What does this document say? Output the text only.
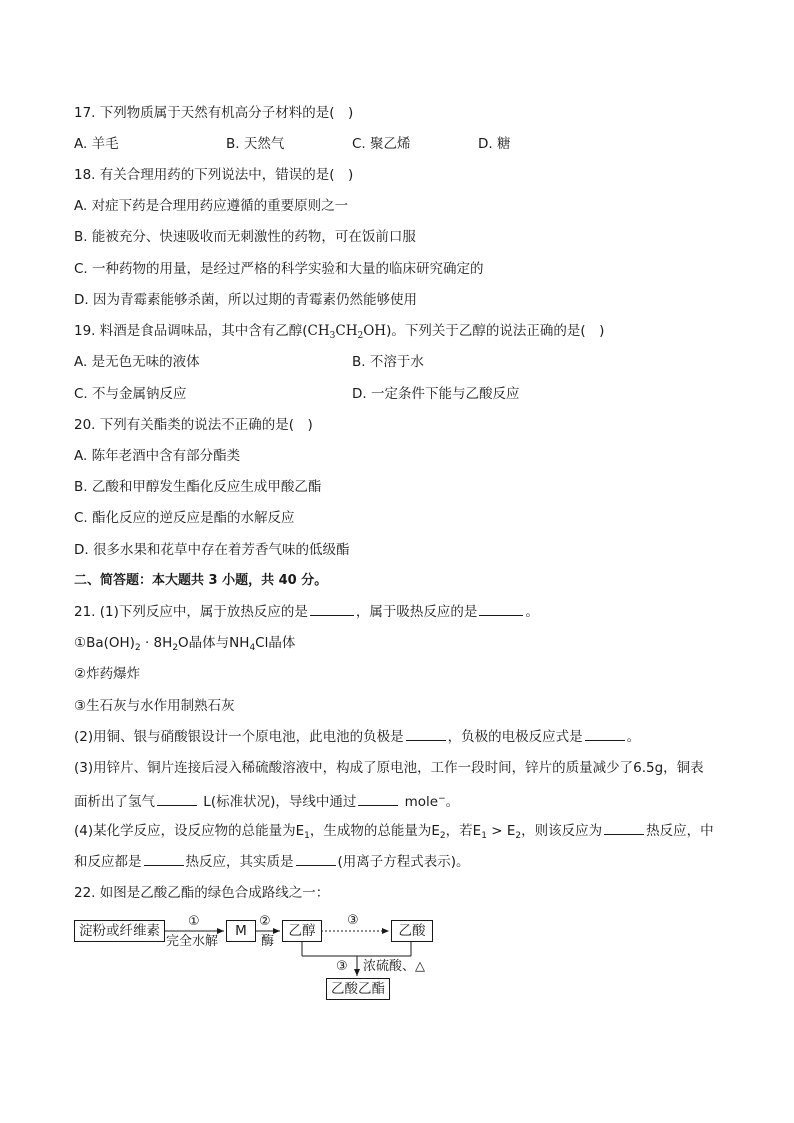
17. 下列物质属于天然有机高分子材料的是(　)
A. 羊毛	B. 天然气	C. 聚乙烯	D. 糖
18. 有关合理用药的下列说法中，错误的是(　)
A. 对症下药是合理用药应遵循的重要原则之一
B. 能被充分、快速吸收而无刺激性的药物，可在饭前口服
C. 一种药物的用量，是经过严格的科学实验和大量的临床研究确定的
D. 因为青霉素能够杀菌，所以过期的青霉素仍然能够使用
19. 料酒是食品调味品，其中含有乙醇$(CH_3CH_2OH)$。下列关于乙醇的说法正确的是(　)
A. 是无色无味的液体	B. 不溶于水
C. 不与金属钠反应	D. 一定条件下能与乙酸反应
20. 下列有关酯类的说法不正确的是(　)
A. 陈年老酒中含有部分酯类
B. 乙酸和甲醇发生酯化反应生成甲酸乙酯
C. 酯化反应的逆反应是酯的水解反应
D. 很多水果和花草中存在着芳香气味的低级酯
二、简答题：本大题共 3 小题，共 40 分。
21. (1)下列反应中，属于放热反应的是	，属于吸热反应的是	。
$①Ba(OH)_2 \cdot 8H_2O$晶体与$NH_4Cl$晶体
②炸药爆炸
③生石灰与水作用制熟石灰
(2)用铜、银与硝酸银设计一个原电池，此电池的负极是	，负极的电极反应式是	。
(3)用锌片、铜片连接后浸入稀硫酸溶液中，构成了原电池，工作一段时间，锌片的质量减少了6.5g，铜表
面析出了氢气	L(标准状况)，导线中通过	mole−。
(4)某化学反应，设反应物的总能量为$E_1$，生成物的总能量为$E_2$，若$E_1 > E_2$，则该反应为	热反应，中
和反应都是	热反应，其实质是	(用离子方程式表示)。
22. 如图是乙酸乙酯的绿色合成路线之一：
淀粉或纤维素
①
完全水解
M
②
酶
乙醇
③
乙酸
③ 浓硫酸、△
乙酸乙酯
